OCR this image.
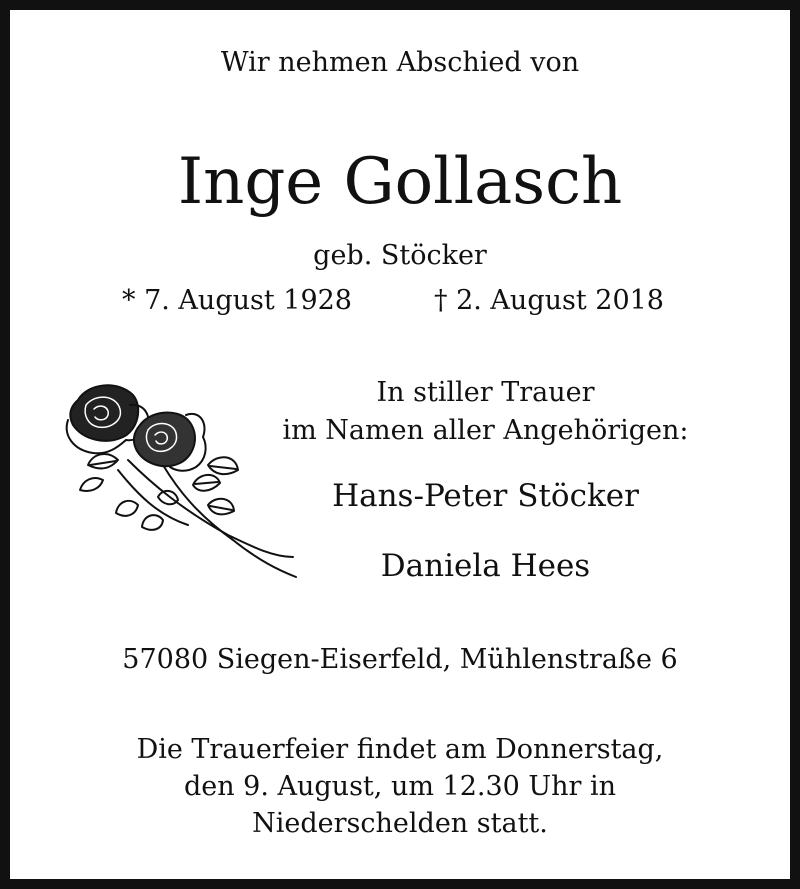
Wir nehmen Abschied von
Inge Gollasch
geb. Stöcker
* 7. August 1928	† 2. August 2018
In stiller Trauer
im Namen aller Angehörigen:
Hans-Peter Stöcker
Daniela Hees
57080 Siegen-Eiserfeld, Mühlenstraße 6
Die Trauerfeier findet am Donnerstag,
den 9. August, um 12.30 Uhr in
Niederschelden statt.
